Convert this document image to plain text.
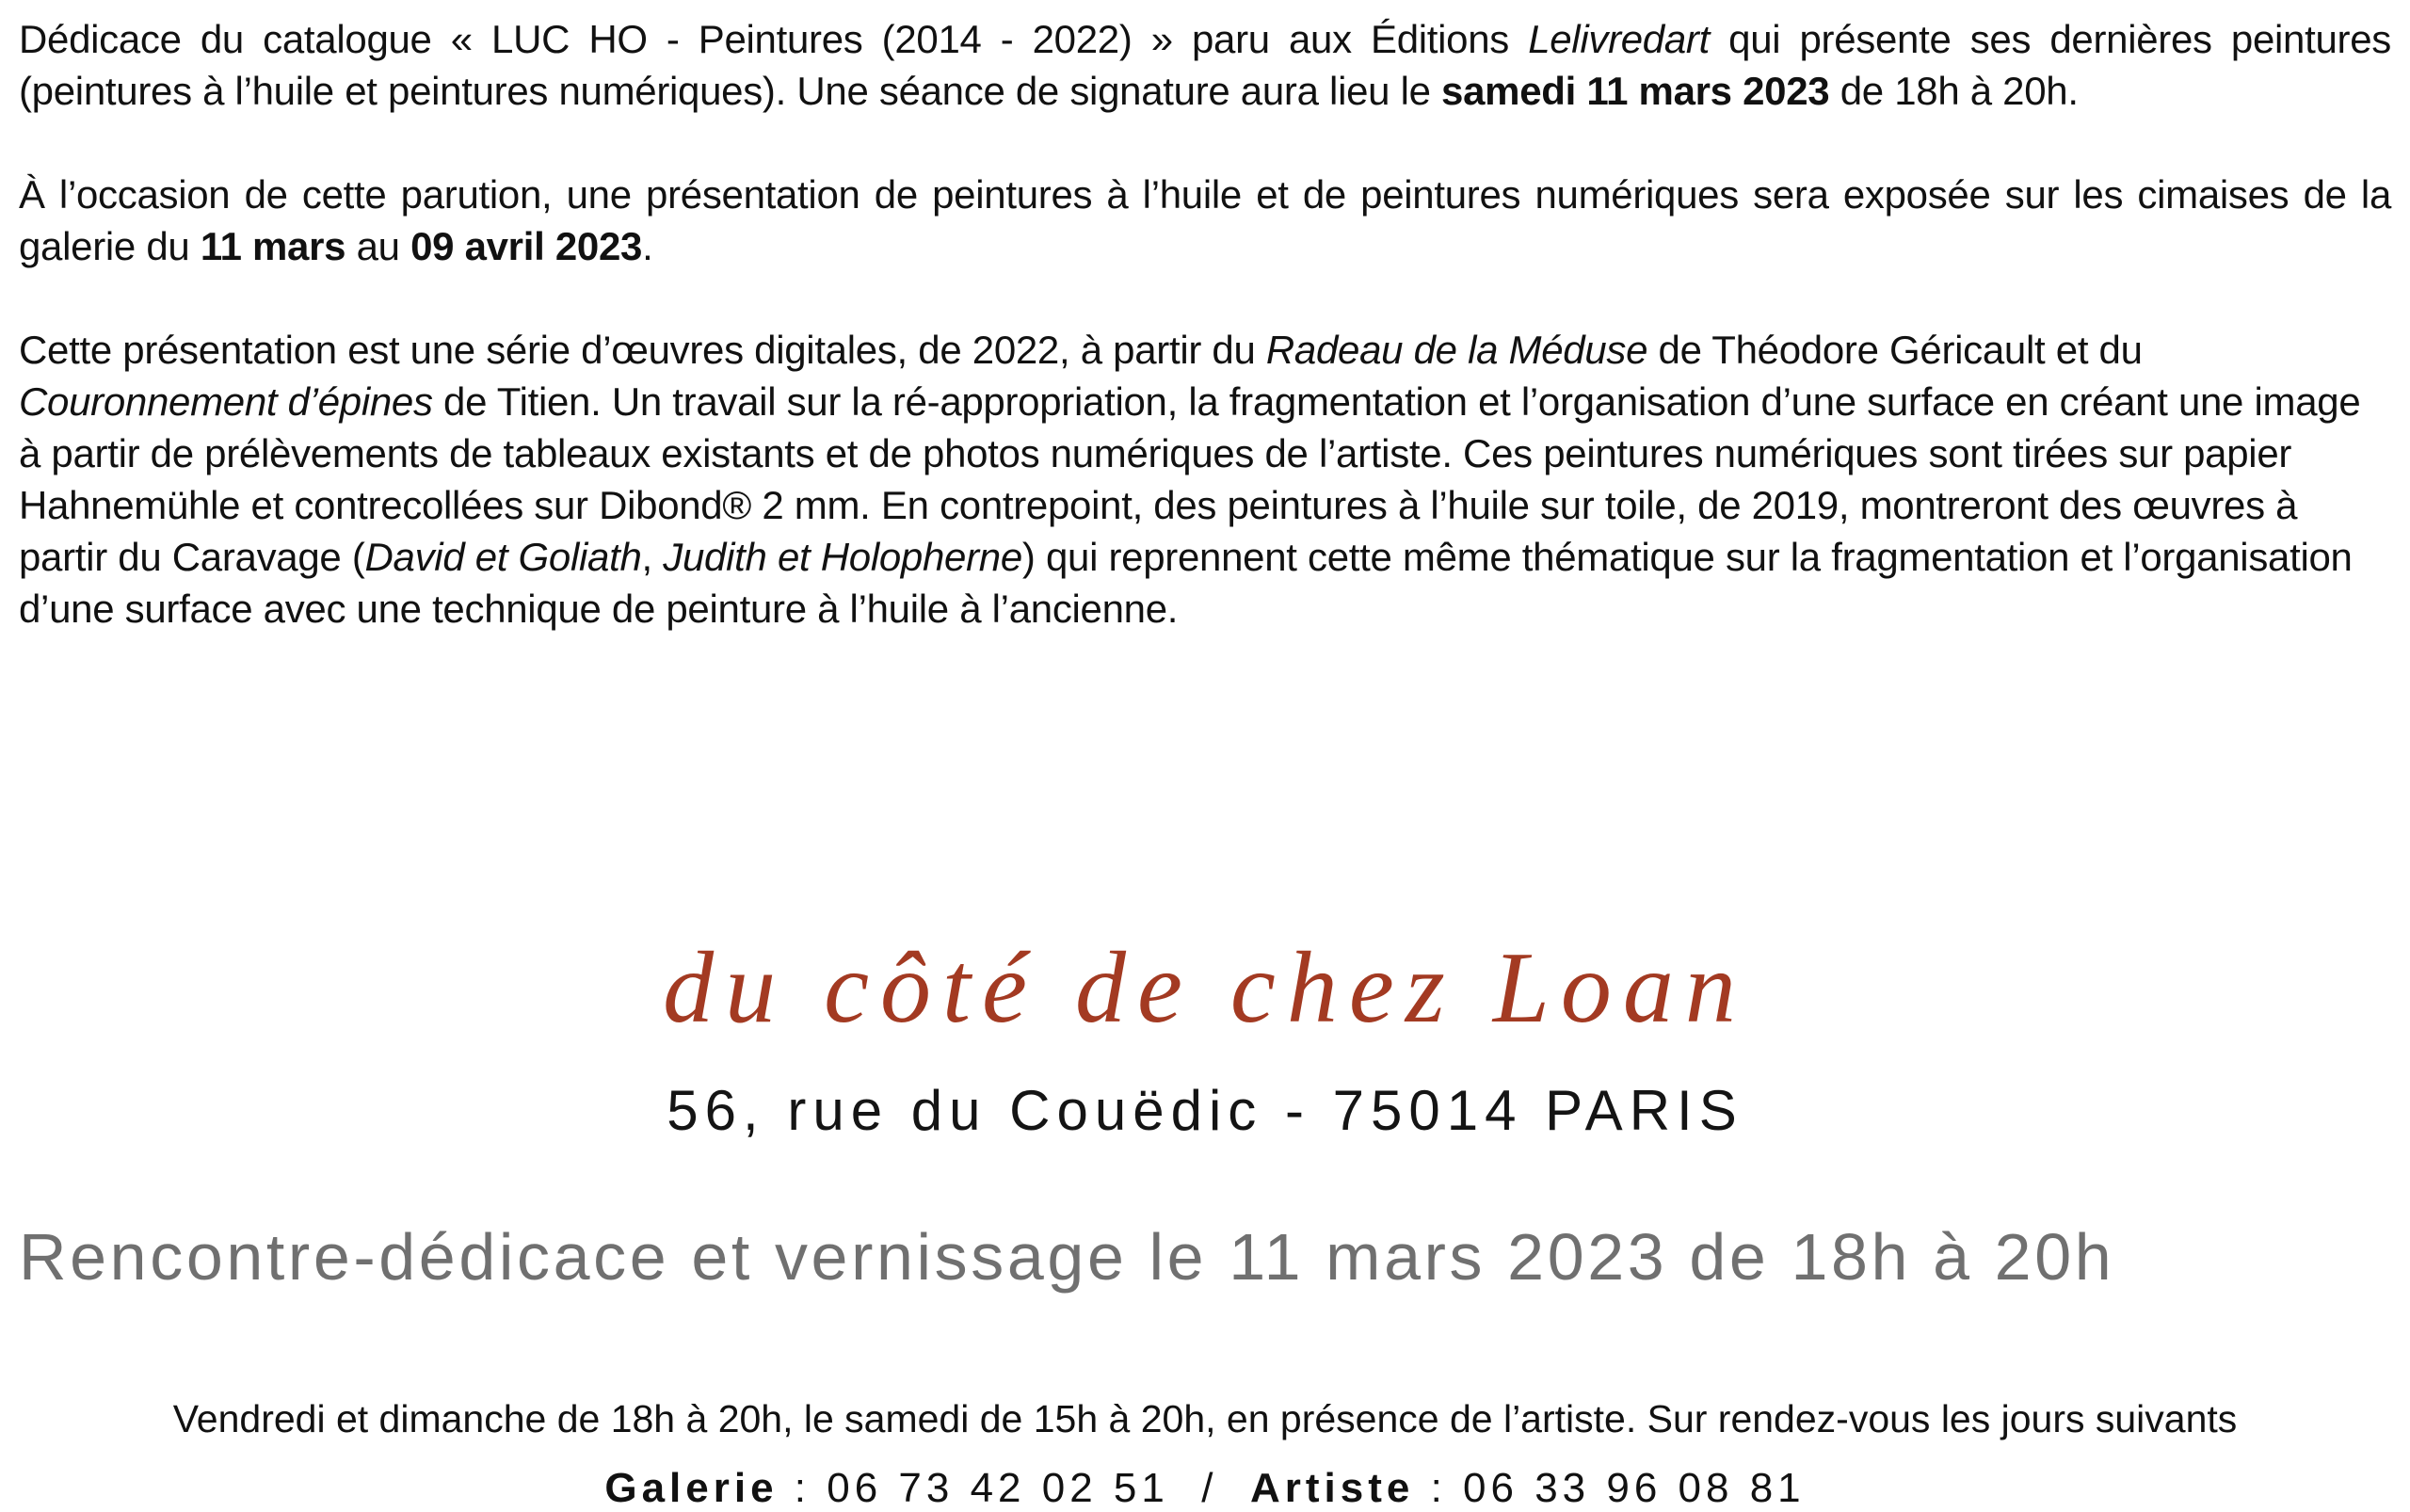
Dédicace du catalogue « LUC HO - Peintures (2014 - 2022) » paru aux Éditions Lelivredart qui présente ses dernières peintures (peintures à l’huile et peintures numériques). Une séance de signature aura lieu le samedi 11 mars 2023 de 18h à 20h.

À l’occasion de cette parution, une présentation de peintures à l’huile et de peintures numériques sera exposée sur les cimaises de la galerie du 11 mars au 09 avril 2023.

Cette présentation est une série d’œuvres digitales, de 2022, à partir du Radeau de la Méduse de Théodore Géricault et du Couronnement d’épines de Titien. Un travail sur la ré-appropriation, la fragmentation et l’organisation d’une surface en créant une image à partir de prélèvements de tableaux existants et de photos numériques de l’artiste. Ces peintures numériques sont tirées sur papier Hahnemühle et contrecollées sur Dibond® 2 mm. En contrepoint, des peintures à l’huile sur toile, de 2019, montreront des œuvres à partir du Caravage (David et Goliath, Judith et Holopherne) qui reprennent cette même thématique sur la fragmentation et l’organisation d’une surface avec une technique de peinture à l’huile à l’ancienne.

du côté de chez Loan
56, rue du Couëdic - 75014 PARIS
Rencontre-dédicace et vernissage le 11 mars 2023 de 18h à 20h
Vendredi et dimanche de 18h à 20h, le samedi de 15h à 20h, en présence de l’artiste. Sur rendez-vous les jours suivants
Galerie : 06 73 42 02 51  /  Artiste : 06 33 96 08 81
